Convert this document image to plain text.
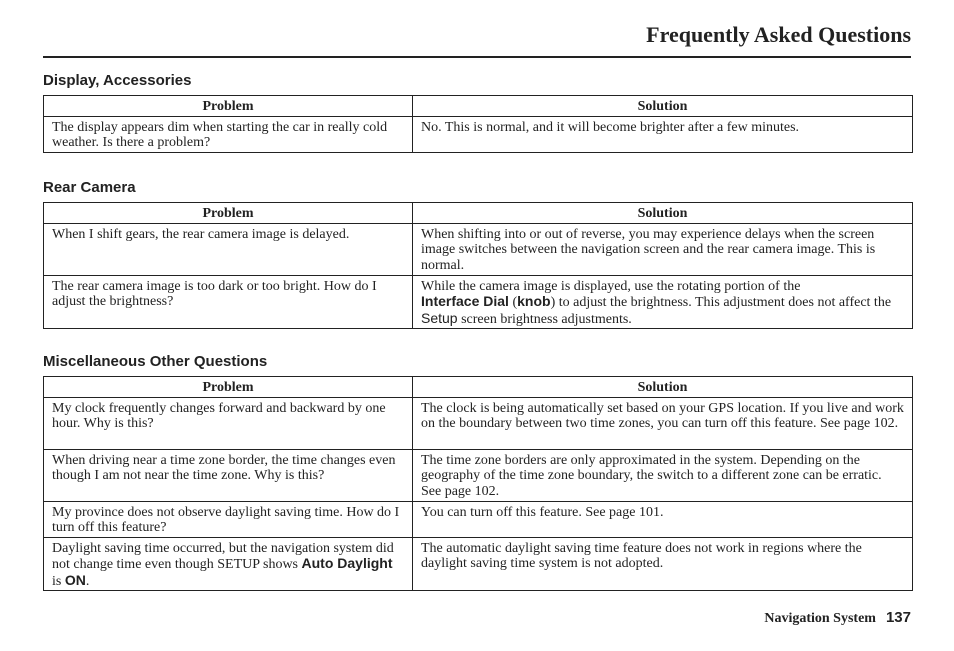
Frequently Asked Questions
Display, Accessories
Problem	Solution
The display appears dim when starting the car in really cold weather. Is there a problem?	No. This is normal, and it will become brighter after a few minutes.
Rear Camera
Problem	Solution
When I shift gears, the rear camera image is delayed.	When shifting into or out of reverse, you may experience delays when the screen image switches between the navigation screen and the rear camera image. This is normal.
The rear camera image is too dark or too bright. How do I adjust the brightness?	While the camera image is displayed, use the rotating portion of the
Interface Dial (knob) to adjust the brightness. This adjustment does not affect the Setup screen brightness adjustments.
Miscellaneous Other Questions
Problem	Solution
My clock frequently changes forward and backward by one hour. Why is this?	The clock is being automatically set based on your GPS location. If you live and work on the boundary between two time zones, you can turn off this feature. See page 102.
When driving near a time zone border, the time changes even though I am not near the time zone. Why is this?	The time zone borders are only approximated in the system. Depending on the geography of the time zone boundary, the switch to a different zone can be erratic. See page 102.
My province does not observe daylight saving time. How do I turn off this feature?	You can turn off this feature. See page 101.
Daylight saving time occurred, but the navigation system did not change time even though SETUP shows Auto Daylight is ON.	The automatic daylight saving time feature does not work in regions where the daylight saving time system is not adopted.
Navigation System 137
